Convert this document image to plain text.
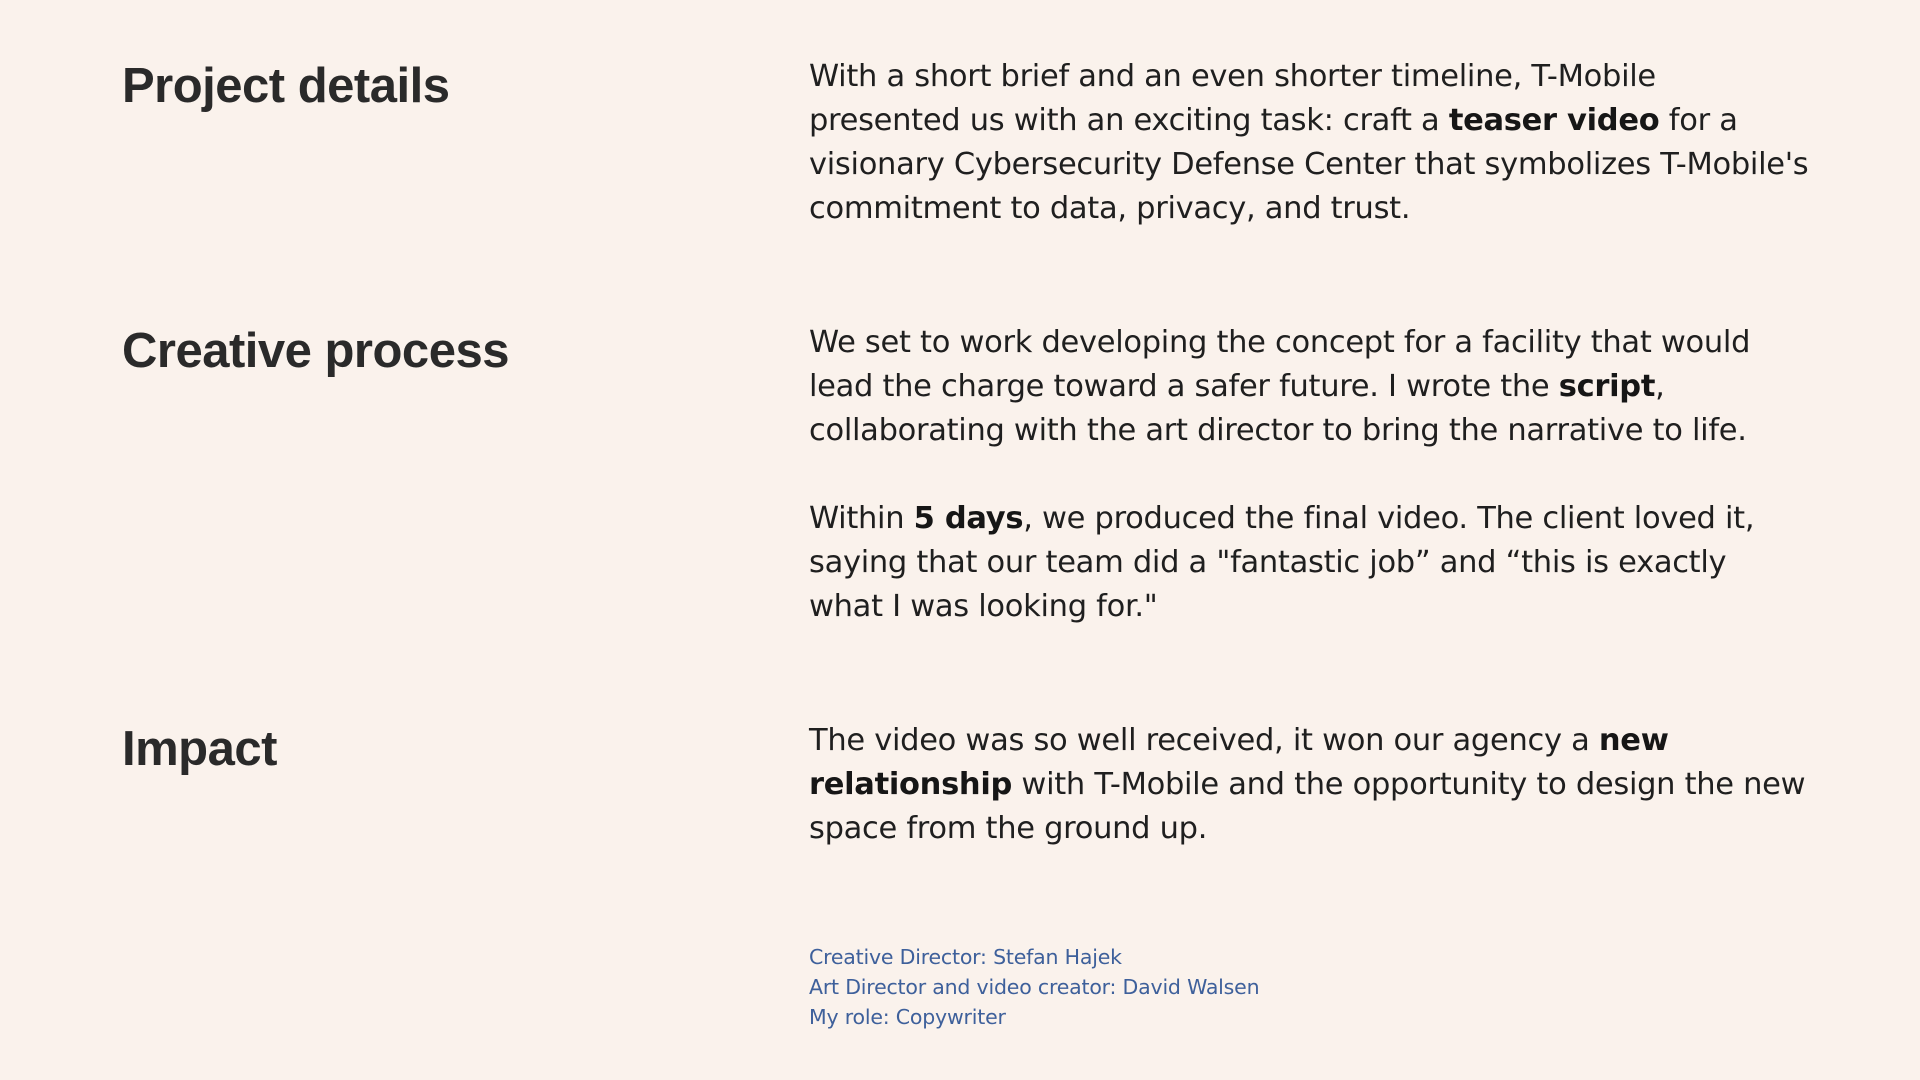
Project details	With a short brief and an even shorter timeline, T-Mobile presented us with an exciting task: craft a teaser video for a visionary Cybersecurity Defense Center that symbolizes T-Mobile's commitment to data, privacy, and trust.

Creative process	We set to work developing the concept for a facility that would lead the charge toward a safer future. I wrote the script, collaborating with the art director to bring the narrative to life.

Within 5 days, we produced the final video. The client loved it, saying that our team did a "fantastic job” and “this is exactly what I was looking for."

Impact	The video was so well received, it won our agency a new relationship with T-Mobile and the opportunity to design the new space from the ground up.

Creative Director: Stefan Hajek
Art Director and video creator: David Walsen
My role: Copywriter
